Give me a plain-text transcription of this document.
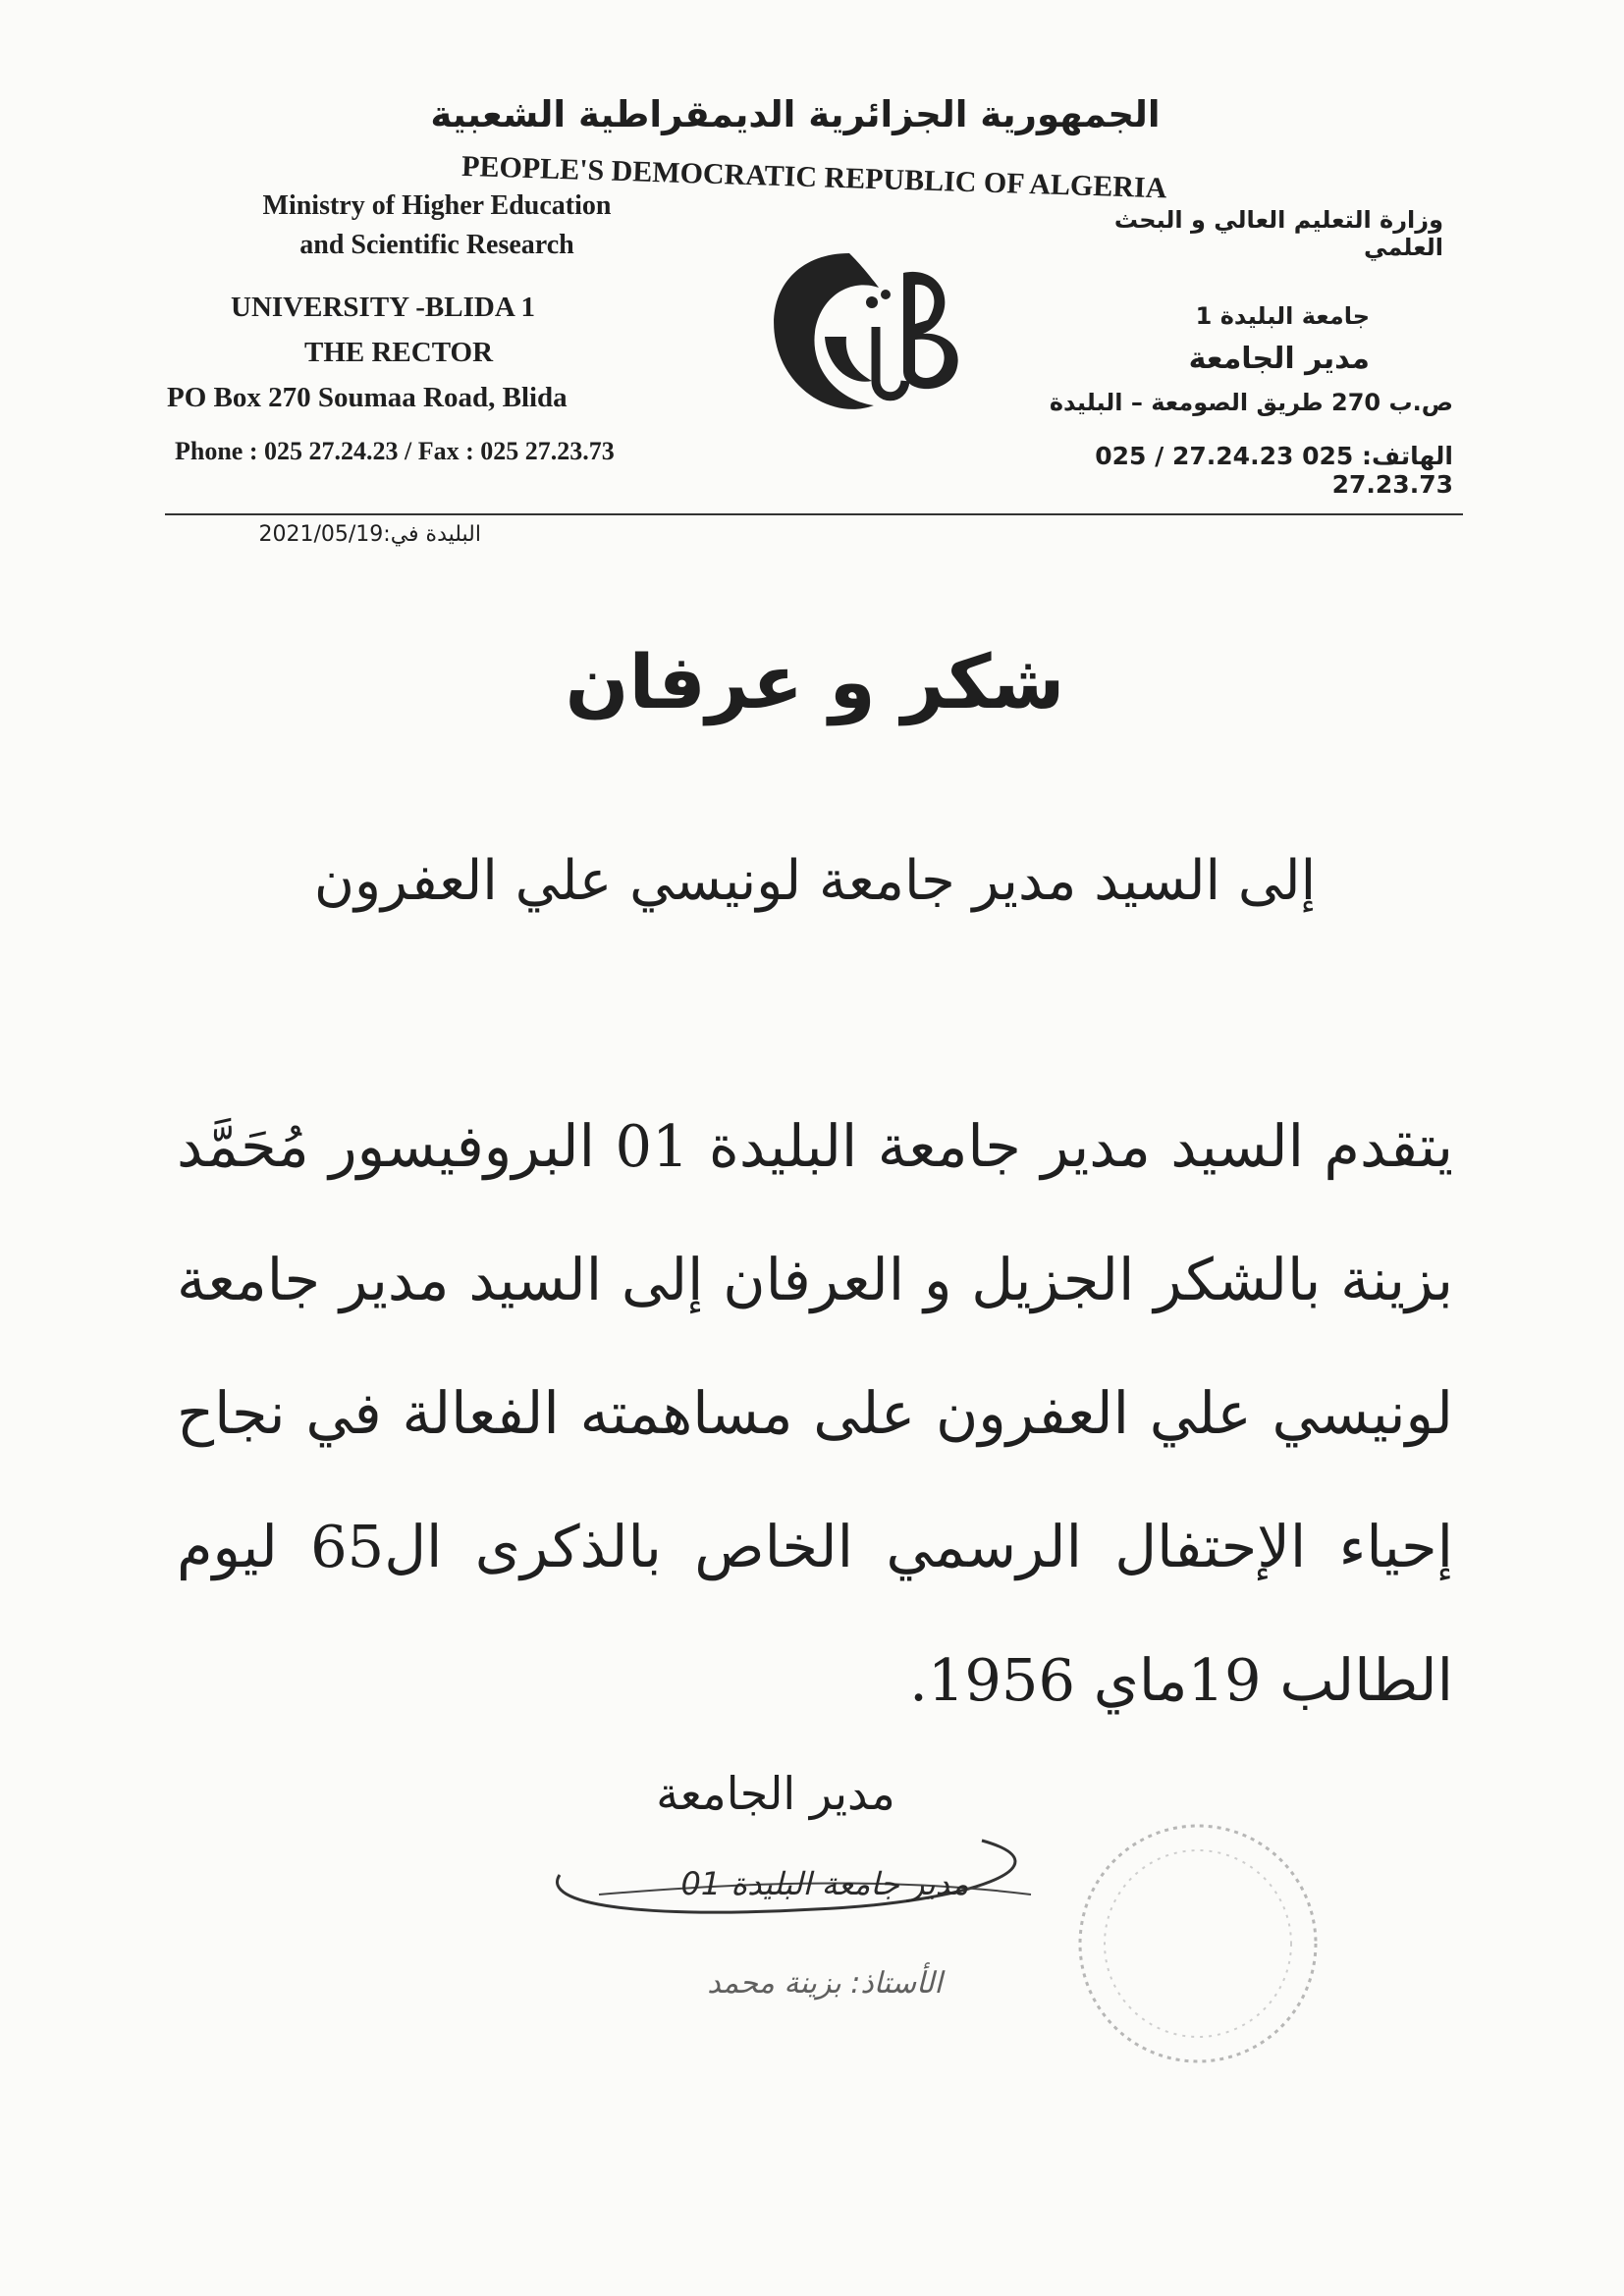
الجمهورية الجزائرية الديمقراطية الشعبية
PEOPLE'S DEMOCRATIC REPUBLIC OF ALGERIA
Ministry of Higher Education
and Scientific Research
وزارة التعليم العالي و البحث العلمي
UNIVERSITY -BLIDA 1
THE RECTOR
PO Box 270 Soumaa Road, Blida
جامعة البليدة 1
مدير الجامعة
ص.ب 270 طريق الصومعة – البليدة
Phone : 025 27.24.23 / Fax : 025 27.23.73	الهاتف: 025 27.24.23 / 025 27.23.73
البليدة في:2021/05/19
شكر و عرفان
إلى السيد مدير جامعة لونيسي علي العفرون
يتقدم السيد مدير جامعة البليدة 01 البروفيسور مُحَمَّد بزينة بالشكر الجزيل و العرفان إلى السيد مدير جامعة لونيسي علي العفرون على مساهمته الفعالة في نجاح إحياء الإحتفال الرسمي الخاص بالذكرى ال65 ليوم الطالب 19ماي 1956.
مدير الجامعة
مدير جامعة البليدة 01
الأستاذ: بزينة محمد
